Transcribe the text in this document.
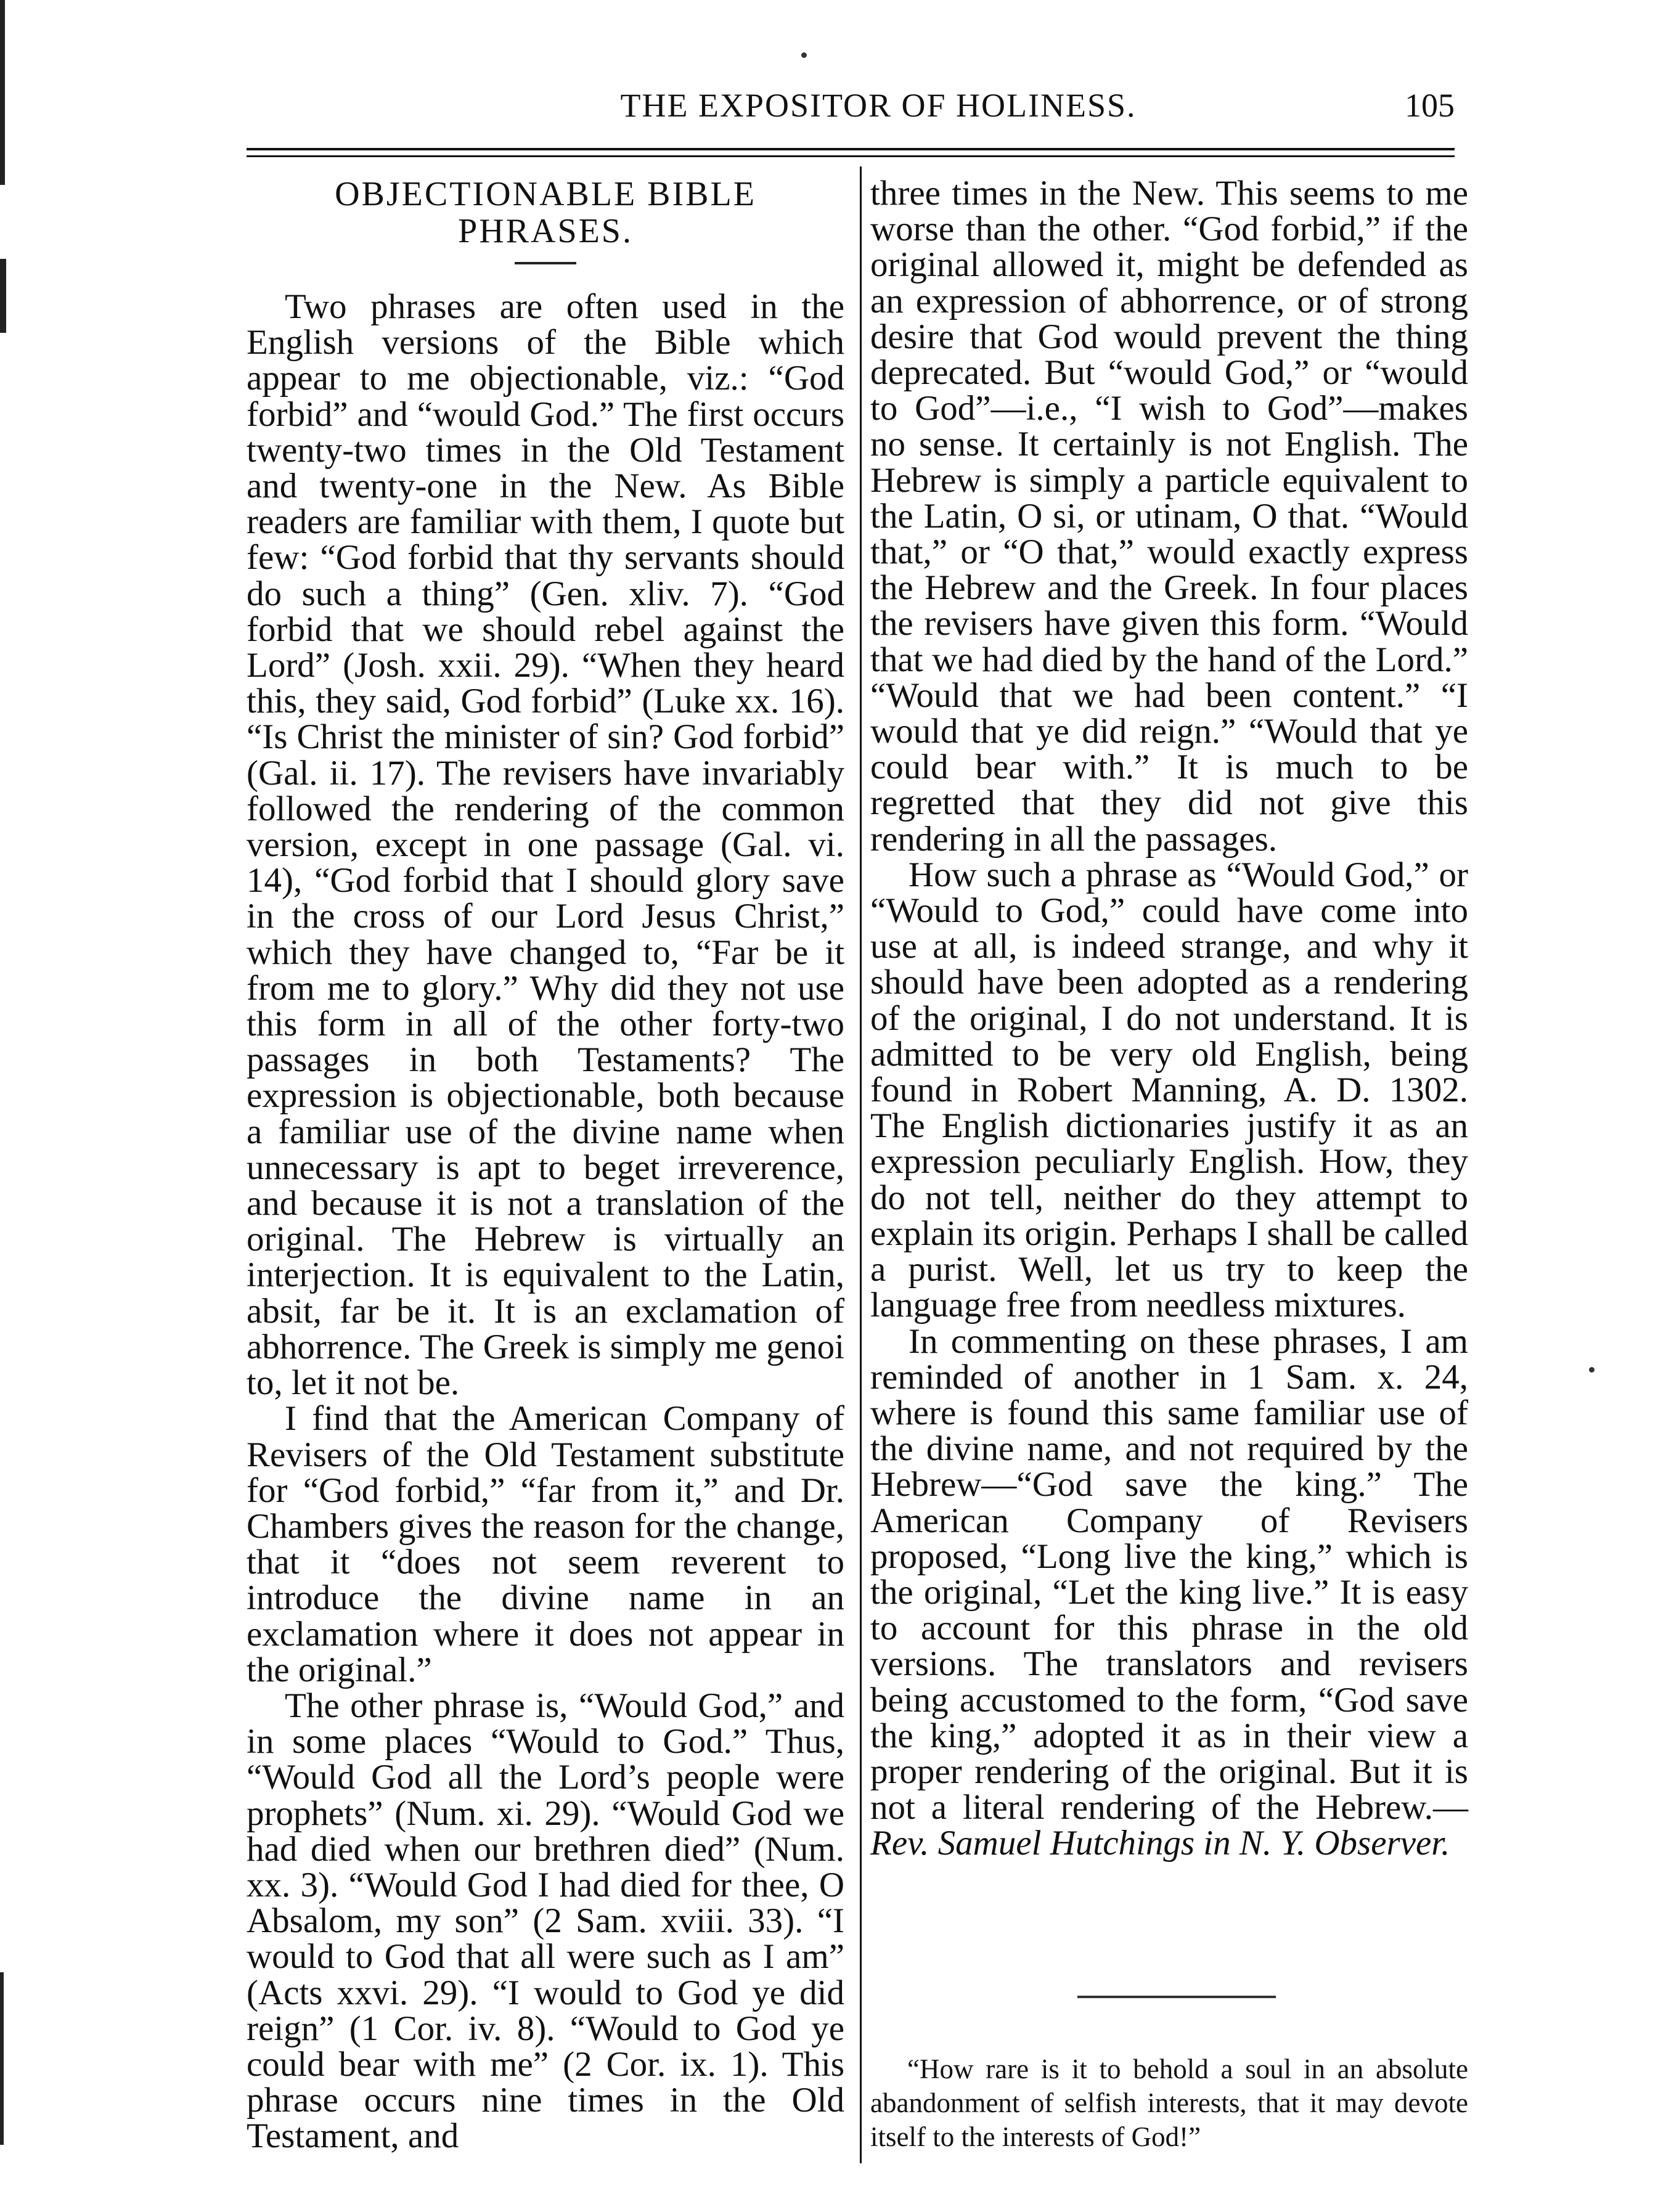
THE EXPOSITOR OF HOLINESS.	105
OBJECTIONABLE BIBLE
PHRASES.

Two phrases are often used in the English versions of the Bible which appear to me objectionable, viz.: “God forbid” and “would God.” The first occurs twenty-two times in the Old Testament and twenty-one in the New. As Bible readers are familiar with them, I quote but few: “God forbid that thy servants should do such a thing” (Gen. xliv. 7). “God forbid that we should rebel against the Lord” (Josh. xxii. 29). “When they heard this, they said, God forbid” (Luke xx. 16). “Is Christ the minister of sin? God forbid” (Gal. ii. 17). The revisers have invariably followed the rendering of the common version, except in one passage (Gal. vi. 14), “God forbid that I should glory save in the cross of our Lord Jesus Christ,” which they have changed to, “Far be it from me to glory.” Why did they not use this form in all of the other forty-two passages in both Testaments? The expression is objectionable, both because a familiar use of the divine name when unnecessary is apt to beget irreverence, and because it is not a translation of the original. The Hebrew is virtually an interjection. It is equivalent to the Latin, absit, far be it. It is an exclamation of abhorrence. The Greek is simply me genoi to, let it not be.

I find that the American Company of Revisers of the Old Testament substitute for “God forbid,” “far from it,” and Dr. Chambers gives the reason for the change, that it “does not seem reverent to introduce the divine name in an exclamation where it does not appear in the original.”

The other phrase is, “Would God,” and in some places “Would to God.” Thus, “Would God all the Lord’s people were prophets” (Num. xi. 29). “Would God we had died when our brethren died” (Num. xx. 3). “Would God I had died for thee, O Absalom, my son” (2 Sam. xviii. 33). “I would to God that all were such as I am” (Acts xxvi. 29). “I would to God ye did reign” (1 Cor. iv. 8). “Would to God ye could bear with me” (2 Cor. ix. 1). This phrase occurs nine times in the Old Testament, and

three times in the New. This seems to me worse than the other. “God forbid,” if the original allowed it, might be defended as an expression of abhorrence, or of strong desire that God would prevent the thing deprecated. But “would God,” or “would to God”—i.e., “I wish to God”—makes no sense. It certainly is not English. The Hebrew is simply a particle equivalent to the Latin, O si, or utinam, O that. “Would that,” or “O that,” would exactly express the Hebrew and the Greek. In four places the revisers have given this form. “Would that we had died by the hand of the Lord.” “Would that we had been content.” “I would that ye did reign.” “Would that ye could bear with.” It is much to be regretted that they did not give this rendering in all the passages.

How such a phrase as “Would God,” or “Would to God,” could have come into use at all, is indeed strange, and why it should have been adopted as a rendering of the original, I do not understand. It is admitted to be very old English, being found in Robert Manning, A. D. 1302. The English dictionaries justify it as an expression peculiarly English. How, they do not tell, neither do they attempt to explain its origin. Perhaps I shall be called a purist. Well, let us try to keep the language free from needless mixtures.

In commenting on these phrases, I am reminded of another in 1 Sam. x. 24, where is found this same familiar use of the divine name, and not required by the Hebrew—“God save the king.” The American Company of Revisers proposed, “Long live the king,” which is the original, “Let the king live.” It is easy to account for this phrase in the old versions. The translators and revisers being accustomed to the form, “God save the king,” adopted it as in their view a proper rendering of the original. But it is not a literal rendering of the Hebrew.—Rev. Samuel Hutchings in N. Y. Observer.

“How rare is it to behold a soul in an absolute abandonment of selfish interests, that it may devote itself to the interests of God!”
